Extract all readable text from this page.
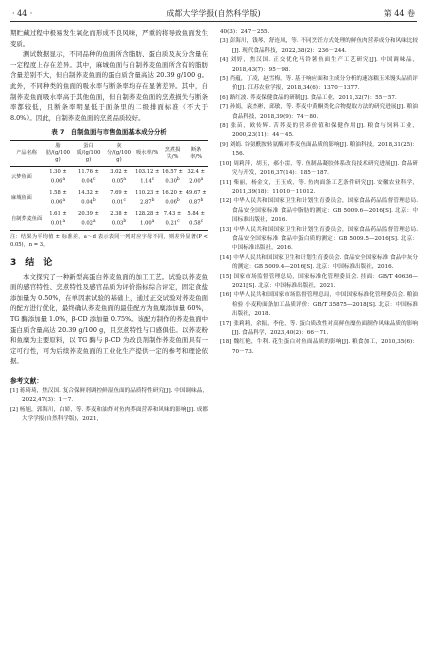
· 44 ·	成都大学学报(自然科学版)	第 44 卷

期贮藏过程中极易发生氧化而形成不良风味，严重的将导致鱼面发生变质。

测试数据显示，不同品种的鱼面所含脂肪、蛋白质及灰分含量在一定程度上存在差异。其中，麻城鱼面与自制荞麦鱼面所含有的脂肪含量差别不大，但自制荞麦鱼面的蛋白质含量高达 20.39 g/100 g。此外，不同种类的鱼面的吸水率与断条率均存在显著差异。其中，自制荞麦鱼面吸水率高于其他鱼面，但自制荞麦鱼面的烹煮损失与断条率都较低，且断条率明显低于面条里的二级排面标准（不大于 8.0%）。因此，自制荞麦鱼面的烹煮品质较好。

表 7　自制鱼面与市售鱼面基本成分分析
产品名称	脂肪/(g/100 g)	蛋白质/(g/100 g)	灰分/(g/100 g)	吸水率/%	烹煮损失/%	断条率/%
云梦鱼面	1.30 ± 0.06$^a$	11.76 ± 0.04$^c$	3.02 ± 0.05$^a$	103.12 ± 1.14$^c$	16.57 ± 0.30$^b$	32.4 ± 2.00$^a$
麻城鱼面	1.58 ± 0.06$^a$	14.32 ± 0.04$^b$	7.69 ± 0.01$^c$	110.23 ± 2.87$^b$	16.20 ± 0.06$^b$	49.67 ± 0.87$^b$
自制荞麦鱼面	1.61 ± 0.01$^a$	20.39 ± 0.02$^a$	2.38 ± 0.03$^b$	128.28 ± 1.00$^a$	7.43 ± 0.21$^c$	5.84 ± 0.58$^c$
注：结果为平均值 ± 标准差，a～d 表示表同一列对应字母不同，则差异显著(P < 0.05)，n = 3。
3　结　论

本文探究了一种新型高蛋白荞麦鱼面的加工工艺。试验以荞麦鱼面的感官特性、烹煮特性及感官品质为评价指标综合评定，固定食盐添加量为 0.50%，在单因素试验的基础上，通过正交试验对荞麦鱼面的配方进行优化，最终确认荞麦鱼面的最佳配方为鱼糜添加量 60%，TG 酶添加量 1.0%，β-CD 添加量 0.75%。该配方制作的荞麦鱼面中蛋白质含量高达 20.39 g/100 g，且烹煮特性与口感俱佳。以荞麦粉和鱼糜为主要原料，以 TG 酶与 β-CD 为改良剂制作荞麦鱼面具有一定可行性，可为后续荞麦鱼面的工业化生产提供一定的参考和理论依据。

参考文献：
[1] 蒋琦琦，焦汉国. 复合保鲜剂调控鲜湿鱼面的品质特性研究[J]. 中国调味品，2022,47(3)：1－7.
[2] 杨旭，郭海川，白娇，等. 荞麦和油炸对鱼肉荞面营养和风味的影响[J]. 成都大学学报(自然科学版)，2021，
40(3)：247－255.
[3] 彭海川，钱琴，舒连凤，等. 不同烹饪方式处理的鲜鱼肉营养成分和风味比较[J]. 现代食品科技，2022,38(2)：236－244.
[4] 刘婷，焦汉国. 正交优化马铃薯鱼面生产工艺研究[J]. 中国调味品，2018,43(7)：95－98.
[5] 肖蕴，丁凌，赵雪梅，等. 基于响应面和主成分分析的速冻糯玉米馒头品质评价[J]. 江苏农业学报，2018,34(6)：1370－1377.
[6] 路红波. 荞麦保健食品的研制[J]. 食品工业，2011,32(7)：55－57.
[7] 孙娟，袁杰彬，邱敏，等. 荞麦中黄酮类化合物提取方法的研究进展[J]. 粮油食品科技，2018,39(9)：74－80.
[8] 张苗，欧传辉. 苦荞麦的营养价值和保健作用[J]. 粮食与饲料工业，2000,23(11)：44－45.
[9] 刘娟. 谷氨酰胺转氨酶对荞麦鱼面品质的影响[J]. 粮油科技，2018,31(25)：156.
[10] 周莉萍，胡玉，郝小雷，等. 鱼制品凝胶体系改良技术研究进展[J]. 食品研究与开发，2016,37(14)：185－187.
[11] 柴丽，杨金文，王玉成，等. 鱼肉面条工艺条件研究[J]. 安徽农业科学，2011,39(18)：11010－11012.
[12] 中华人民共和国国家卫生和计划生育委员会，国家食品药品监督管理总局. 食品安全国家标准 食品中脂肪的测定：GB 5009.6—2016[S]. 北京：中国标准出版社，2016.
[13] 中华人民共和国国家卫生和计划生育委员会，国家食品药品监督管理总局. 食品安全国家标准 食品中蛋白质的测定：GB 5009.5—2016[S]. 北京：中国标准出版社，2016.
[14] 中华人民共和国国家卫生和计划生育委员会. 食品安全国家标准 食品中灰分的测定：GB 5009.4—2016[S]. 北京：中国标准出版社，2016.
[15] 国家市场监督管理总局，国家标准化管理委员会. 挂面：GB/T 40636—2021[S]. 北京：中国标准出版社，2021.
[16] 中华人民共和国国家市场监督管理总局，中国国家标准化管理委员会. 粮油检验 小麦粉面条加工品质评价：GB/T 35875—2018[S]. 北京：中国标准出版社，2018.
[17] 张莉莉，余振，李伦，等. 蛋白质改性对高鲜鱼糜鱼面制作风味品质的影响[J]. 食品科学，2023,40(2)：66－71.
[18] 魏红艳，牛利. 花生蛋白对鱼面品质的影响[J]. 粮食加工，2010,35(6)：70－73.
